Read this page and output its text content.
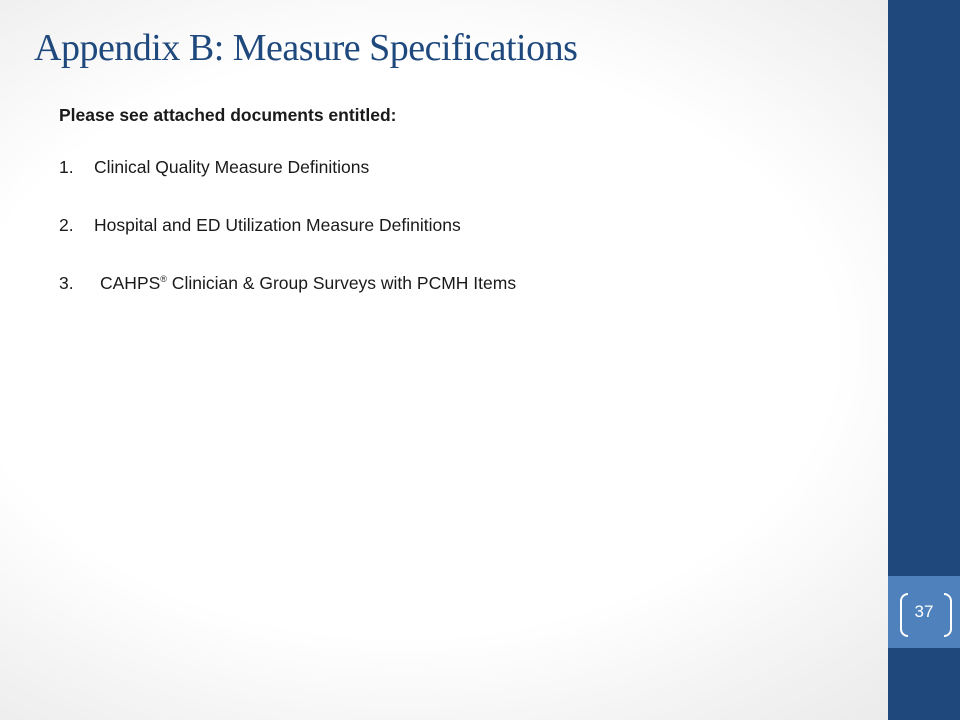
Appendix B: Measure Specifications

Please see attached documents entitled:

1.	Clinical Quality Measure Definitions
2.	Hospital and ED Utilization Measure Definitions
3.	CAHPS® Clinician & Group Surveys with PCMH Items
37
